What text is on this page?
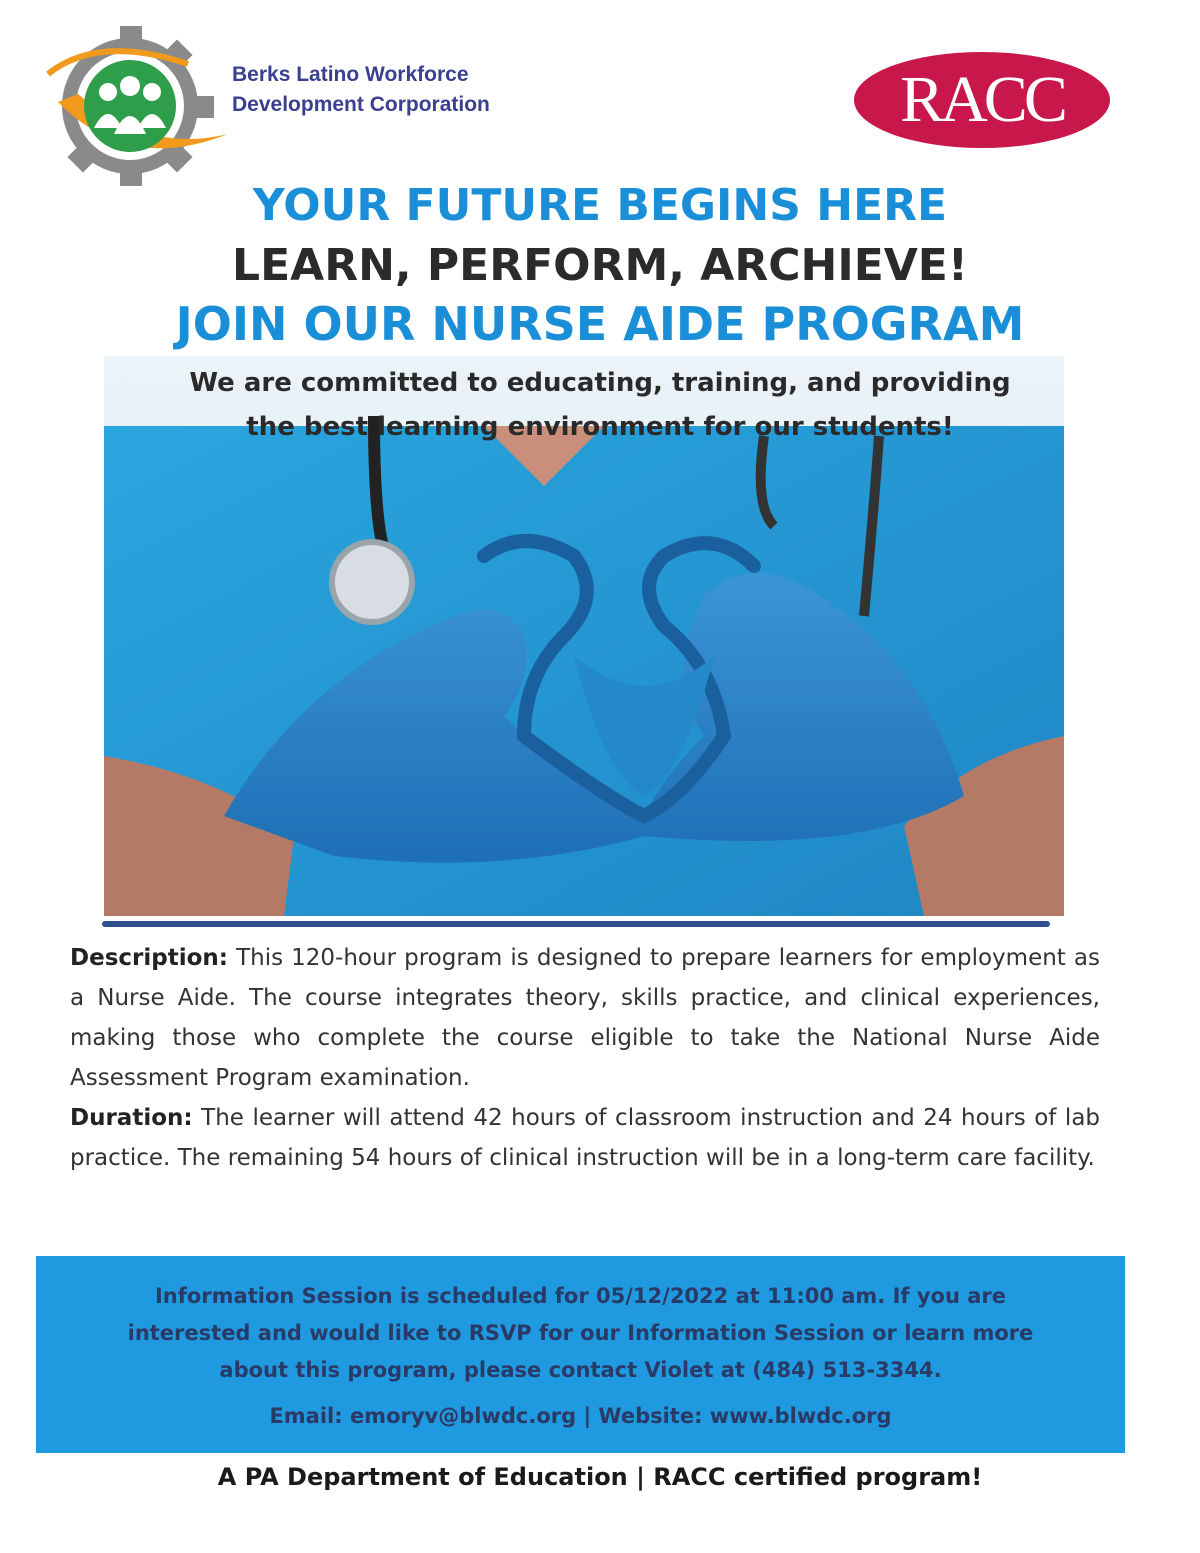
Berks Latino Workforce
Development Corporation	RACC
YOUR FUTURE BEGINS HERE
LEARN, PERFORM, ARCHIEVE!
JOIN OUR NURSE AIDE PROGRAM
We are committed to educating, training, and providing
the best learning environment for our students!

Description: This 120-hour program is designed to prepare learners for employment as a Nurse Aide. The course integrates theory, skills practice, and clinical experiences, making those who complete the course eligible to take the National Nurse Aide Assessment Program examination.

Duration: The learner will attend 42 hours of classroom instruction and 24 hours of lab practice. The remaining 54 hours of clinical instruction will be in a long-term care facility.

Information Session is scheduled for 05/12/2022 at 11:00 am. If you are
interested and would like to RSVP for our Information Session or learn more
about this program, please contact Violet at (484) 513-3344.
Email: emoryv@blwdc.org | Website: www.blwdc.org
A PA Department of Education | RACC certified program!
